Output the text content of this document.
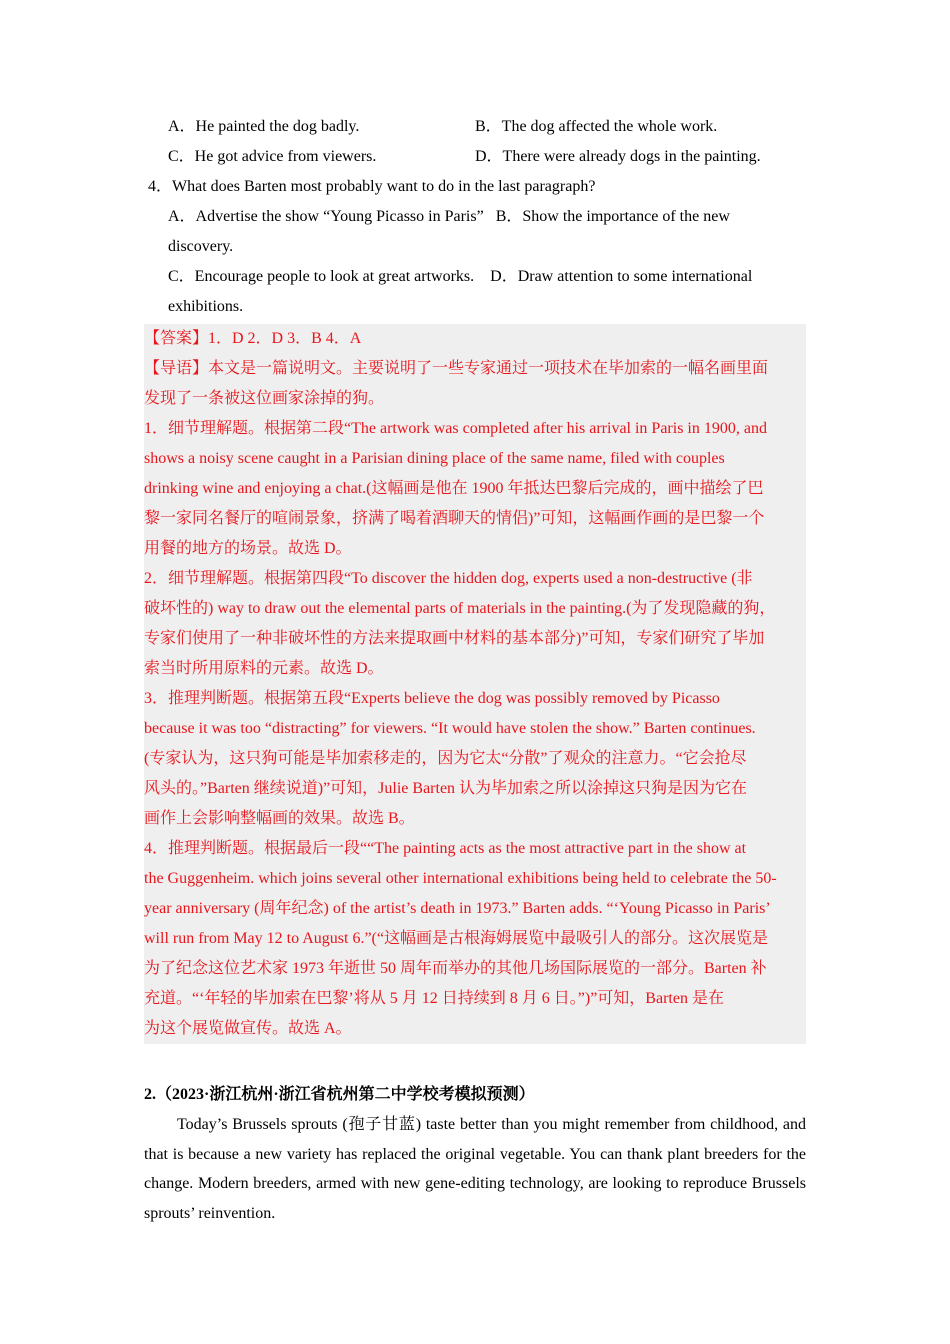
A．He painted the dog badly.	B．The dog affected the whole work.
C．He got advice from viewers.	D．There were already dogs in the painting.
4．What does Barten most probably want to do in the last paragraph?
A．Advertise the show “Young Picasso in Paris” B．Show the importance of the new
discovery.
C．Encourage people to look at great artworks. D．Draw attention to some international
exhibitions.
【答案】1．D 2．D 3．B 4．A
【导语】本文是一篇说明文。主要说明了一些专家通过一项技术在毕加索的一幅名画里面
发现了一条被这位画家涂掉的狗。
1．细节理解题。根据第二段“The artwork was completed after his arrival in Paris in 1900, and
shows a noisy scene caught in a Parisian dining place of the same name, filed with couples
drinking wine and enjoying a chat.(这幅画是他在 1900 年抵达巴黎后完成的，画中描绘了巴
黎一家同名餐厅的喧闹景象，挤满了喝着酒聊天的情侣)”可知，这幅画作画的是巴黎一个
用餐的地方的场景。故选 D。
2．细节理解题。根据第四段“To discover the hidden dog, experts used a non-destructive (非
破坏性的) way to draw out the elemental parts of materials in the painting.(为了发现隐藏的狗，
专家们使用了一种非破坏性的方法来提取画中材料的基本部分)”可知，专家们研究了毕加
索当时所用原料的元素。故选 D。
3．推理判断题。根据第五段“Experts believe the dog was possibly removed by Picasso
because it was too “distracting” for viewers. “It would have stolen the show.” Barten continues.
(专家认为，这只狗可能是毕加索移走的，因为它太“分散”了观众的注意力。“它会抢尽
风头的。”Barten 继续说道)”可知，Julie Barten 认为毕加索之所以涂掉这只狗是因为它在
画作上会影响整幅画的效果。故选 B。
4．推理判断题。根据最后一段““The painting acts as the most attractive part in the show at
the Guggenheim. which joins several other international exhibitions being held to celebrate the 50-
year anniversary (周年纪念) of the artist’s death in 1973.” Barten adds. “‘Young Picasso in Paris’
will run from May 12 to August 6.”(“这幅画是古根海姆展览中最吸引人的部分。这次展览是
为了纪念这位艺术家 1973 年逝世 50 周年而举办的其他几场国际展览的一部分。Barten 补
充道。“‘年轻的毕加索在巴黎’将从 5 月 12 日持续到 8 月 6 日。”)”可知，Barten 是在
为这个展览做宣传。故选 A。
2.（2023·浙江杭州·浙江省杭州第二中学校考模拟预测）
Today’s Brussels sprouts (孢子甘蓝) taste better than you might remember from childhood, and that is because a new variety has replaced the original vegetable. You can thank plant breeders for the change. Modern breeders, armed with new gene-editing technology, are looking to reproduce Brussels sprouts’ reinvention.
